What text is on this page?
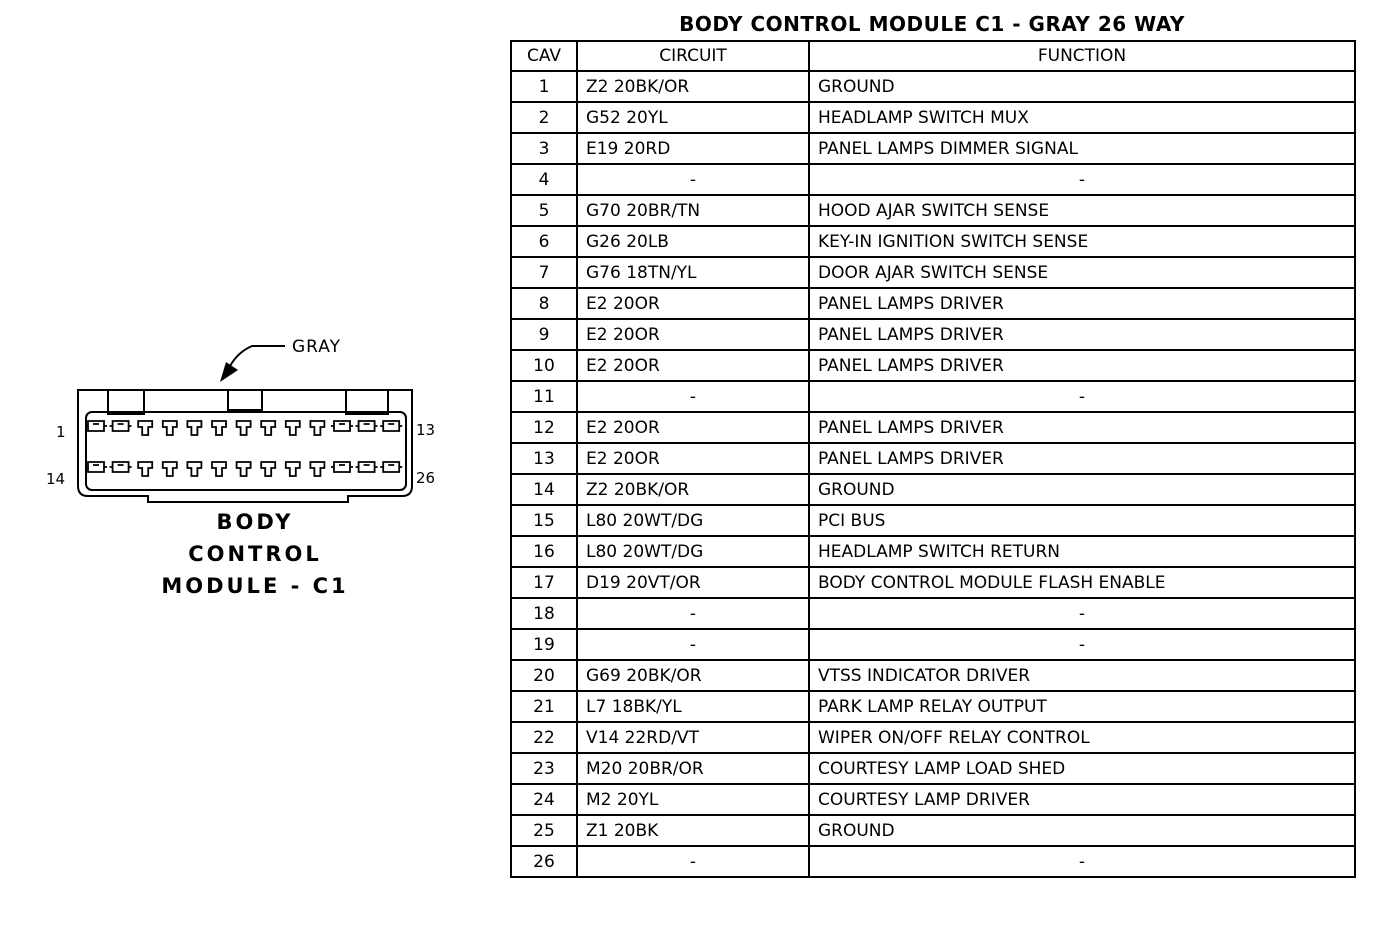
GRAY
1	13
14	26
BODY
CONTROL
MODULE - C1
BODY CONTROL MODULE C1 - GRAY 26 WAY
CAV	CIRCUIT	FUNCTION
1	Z2 20BK/OR	GROUND
2	G52 20YL	HEADLAMP SWITCH MUX
3	E19 20RD	PANEL LAMPS DIMMER SIGNAL
4	-	-
5	G70 20BR/TN	HOOD AJAR SWITCH SENSE
6	G26 20LB	KEY-IN IGNITION SWITCH SENSE
7	G76 18TN/YL	DOOR AJAR SWITCH SENSE
8	E2 20OR	PANEL LAMPS DRIVER
9	E2 20OR	PANEL LAMPS DRIVER
10	E2 20OR	PANEL LAMPS DRIVER
11	-	-
12	E2 20OR	PANEL LAMPS DRIVER
13	E2 20OR	PANEL LAMPS DRIVER
14	Z2 20BK/OR	GROUND
15	L80 20WT/DG	PCI BUS
16	L80 20WT/DG	HEADLAMP SWITCH RETURN
17	D19 20VT/OR	BODY CONTROL MODULE FLASH ENABLE
18	-	-
19	-	-
20	G69 20BK/OR	VTSS INDICATOR DRIVER
21	L7 18BK/YL	PARK LAMP RELAY OUTPUT
22	V14 22RD/VT	WIPER ON/OFF RELAY CONTROL
23	M20 20BR/OR	COURTESY LAMP LOAD SHED
24	M2 20YL	COURTESY LAMP DRIVER
25	Z1 20BK	GROUND
26	-	-
